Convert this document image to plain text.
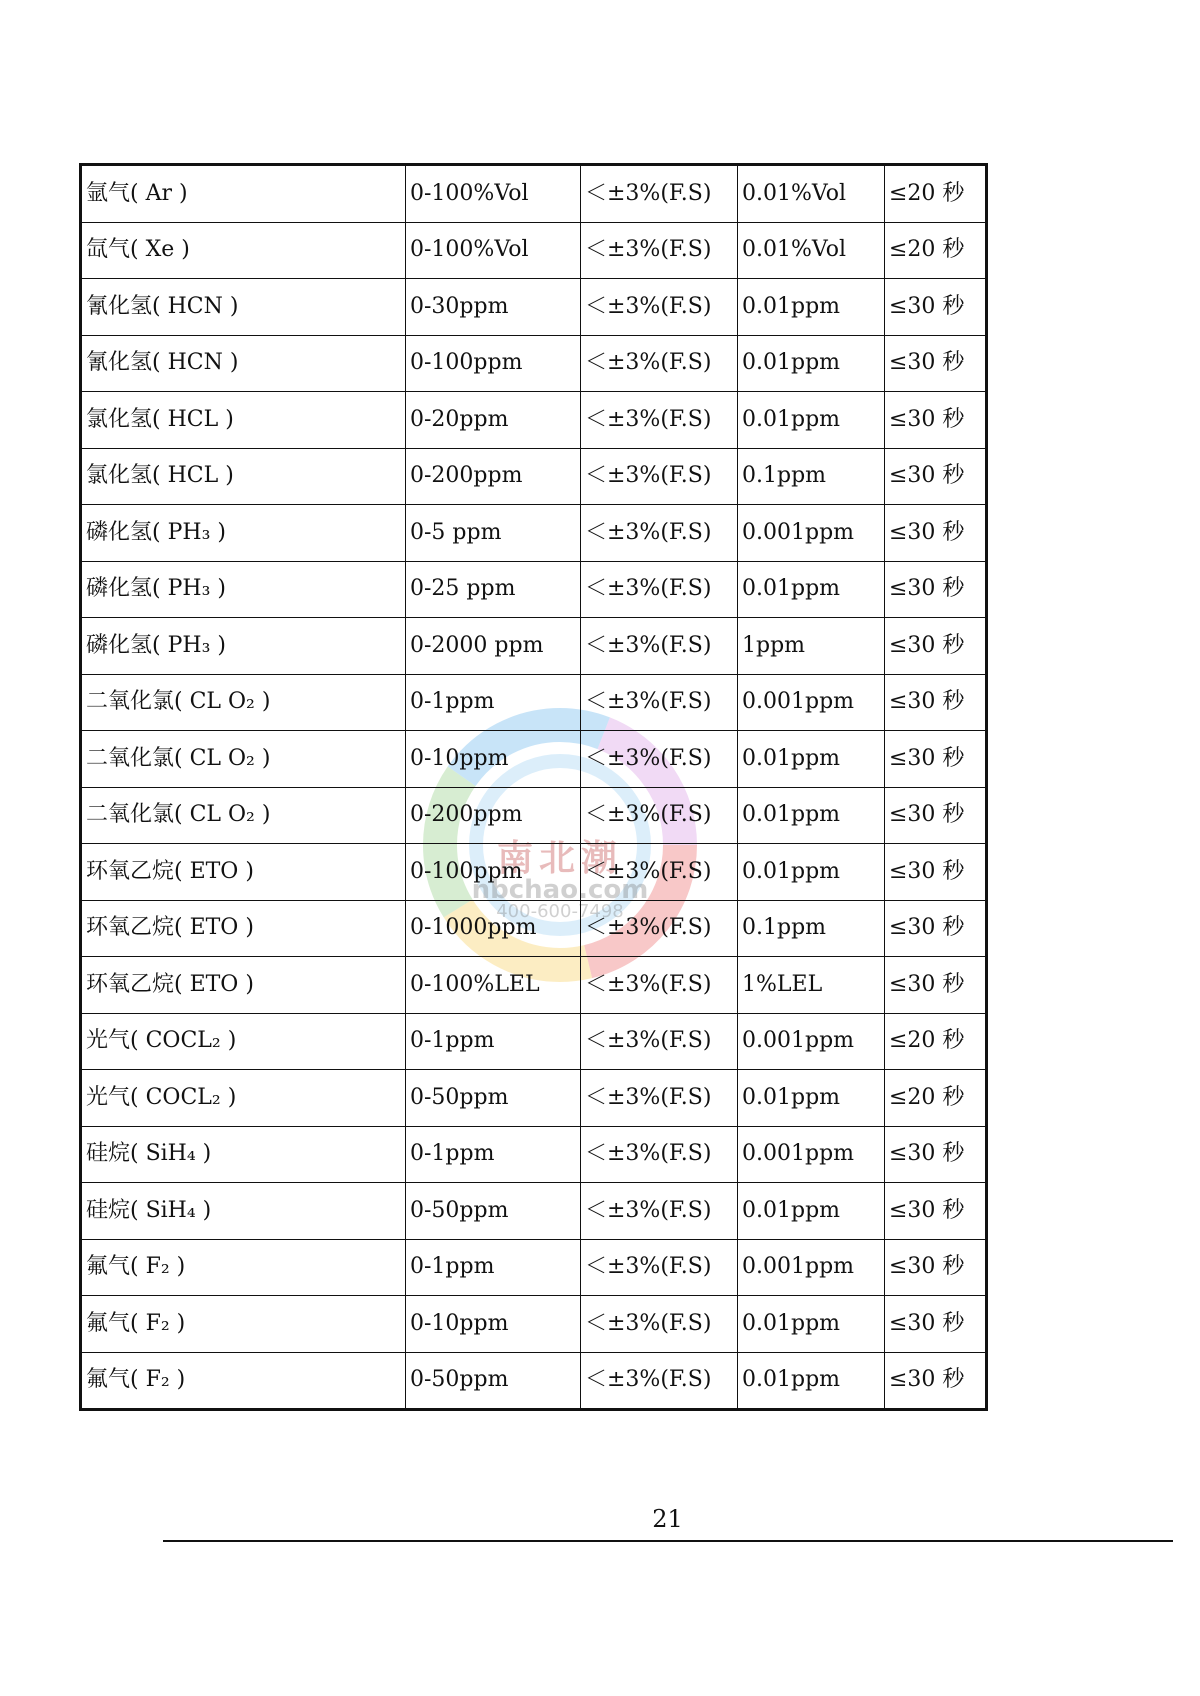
南北潮
nbchao.com
400-600-7498
氩气( Ar )	0-100%Vol	＜±3%(F.S)	0.01%Vol	≤20 秒
氙气( Xe )	0-100%Vol	＜±3%(F.S)	0.01%Vol	≤20 秒
氰化氢( HCN )	0-30ppm	＜±3%(F.S)	0.01ppm	≤30 秒
氰化氢( HCN )	0-100ppm	＜±3%(F.S)	0.01ppm	≤30 秒
氯化氢( HCL )	0-20ppm	＜±3%(F.S)	0.01ppm	≤30 秒
氯化氢( HCL )	0-200ppm	＜±3%(F.S)	0.1ppm	≤30 秒
磷化氢( PH₃ )	0-5 ppm	＜±3%(F.S)	0.001ppm	≤30 秒
磷化氢( PH₃ )	0-25 ppm	＜±3%(F.S)	0.01ppm	≤30 秒
磷化氢( PH₃ )	0-2000 ppm	＜±3%(F.S)	1ppm	≤30 秒
二氧化氯( CL O₂ )	0-1ppm	＜±3%(F.S)	0.001ppm	≤30 秒
二氧化氯( CL O₂ )	0-10ppm	＜±3%(F.S)	0.01ppm	≤30 秒
二氧化氯( CL O₂ )	0-200ppm	＜±3%(F.S)	0.01ppm	≤30 秒
环氧乙烷( ETO )	0-100ppm	＜±3%(F.S)	0.01ppm	≤30 秒
环氧乙烷( ETO )	0-1000ppm	＜±3%(F.S)	0.1ppm	≤30 秒
环氧乙烷( ETO )	0-100%LEL	＜±3%(F.S)	1%LEL	≤30 秒
光气( COCL₂ )	0-1ppm	＜±3%(F.S)	0.001ppm	≤20 秒
光气( COCL₂ )	0-50ppm	＜±3%(F.S)	0.01ppm	≤20 秒
硅烷( SiH₄ )	0-1ppm	＜±3%(F.S)	0.001ppm	≤30 秒
硅烷( SiH₄ )	0-50ppm	＜±3%(F.S)	0.01ppm	≤30 秒
氟气( F₂ )	0-1ppm	＜±3%(F.S)	0.001ppm	≤30 秒
氟气( F₂ )	0-10ppm	＜±3%(F.S)	0.01ppm	≤30 秒
氟气( F₂ )	0-50ppm	＜±3%(F.S)	0.01ppm	≤30 秒
21
